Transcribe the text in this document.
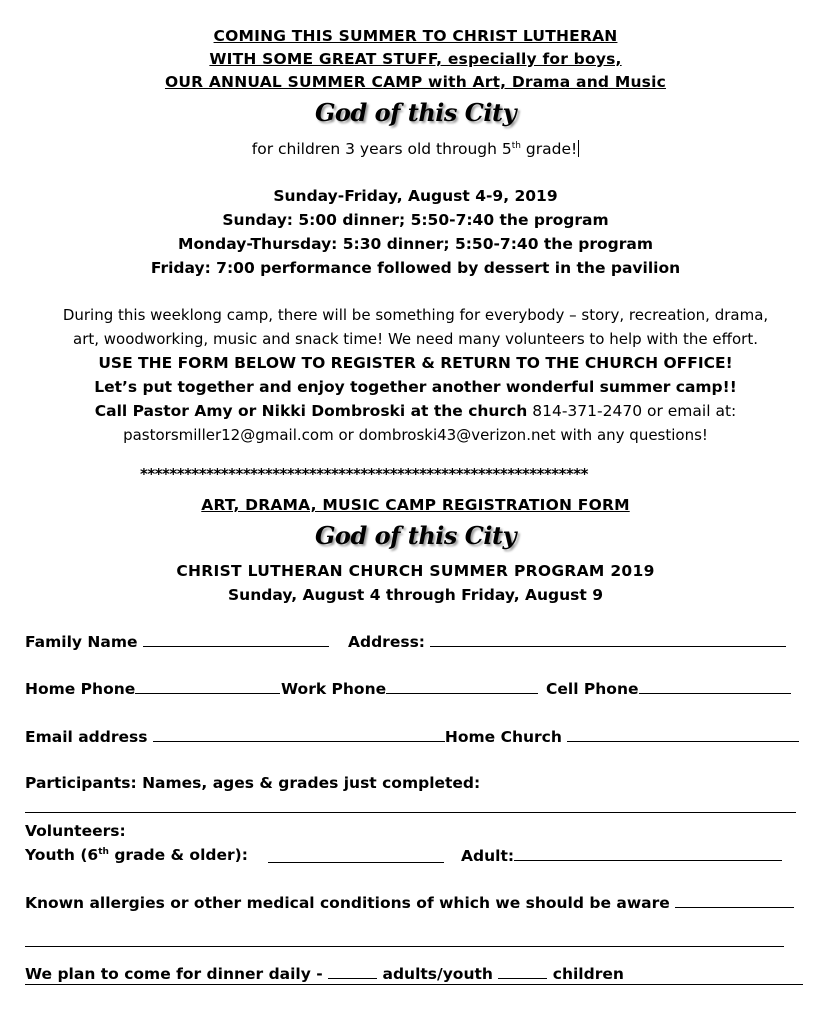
COMING THIS SUMMER TO CHRIST LUTHERAN
WITH SOME GREAT STUFF, especially for boys,
OUR ANNUAL SUMMER CAMP with Art, Drama and Music
God of this City
for children 3 years old through 5th grade!
Sunday-Friday, August 4-9, 2019
Sunday: 5:00 dinner; 5:50-7:40 the program
Monday-Thursday: 5:30 dinner; 5:50-7:40 the program
Friday: 7:00 performance followed by dessert in the pavilion
During this weeklong camp, there will be something for everybody – story, recreation, drama,
art, woodworking, music and snack time! We need many volunteers to help with the effort.
USE THE FORM BELOW TO REGISTER & RETURN TO THE CHURCH OFFICE!
Let’s put together and enjoy together another wonderful summer camp!!
Call Pastor Amy or Nikki Dombroski at the church 814-371-2470 or email at:
pastorsmiller12@gmail.com or dombroski43@verizon.net with any questions!
*************************************************************
ART, DRAMA, MUSIC CAMP REGISTRATION FORM
God of this City
CHRIST LUTHERAN CHURCH SUMMER PROGRAM 2019
Sunday, August 4 through Friday, August 9
Family Name	Address:
Home Phone	Work Phone	Cell Phone
Email address	Home Church
Participants: Names, ages & grades just completed:
Volunteers:
Youth (6th grade & older):	Adult:
Known allergies or other medical conditions of which we should be aware
We plan to come for dinner daily -	adults/youth	children
